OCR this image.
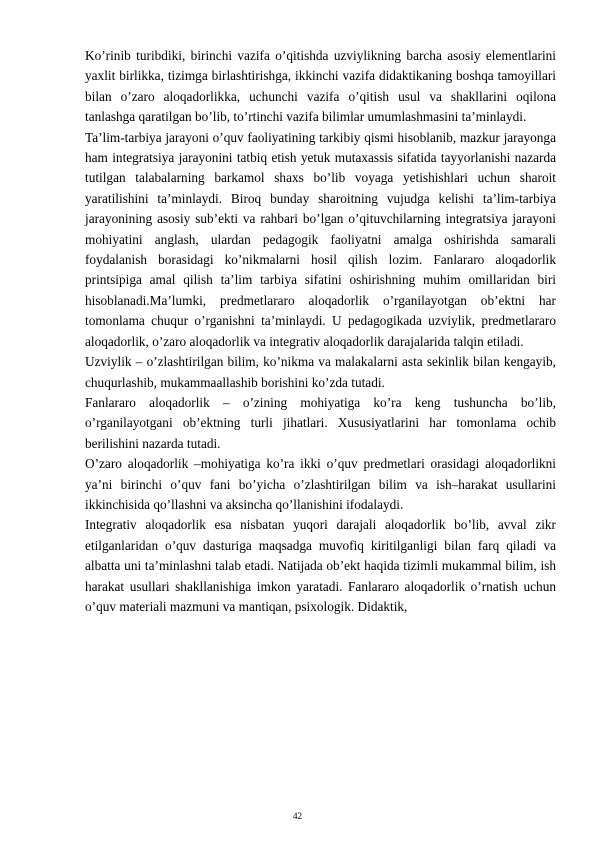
Ko’rinib turibdiki, birinchi vazifa o’qitishda uzviylikning barcha asosiy elementlarini yaxlit birlikka, tizimga birlashtirishga, ikkinchi vazifa didaktikaning boshqa tamoyillari bilan o’zaro aloqadorlikka, uchunchi vazifa o’qitish usul va shakllarini oqilona tanlashga qaratilgan bo’lib, to’rtinchi vazifa bilimlar umumlashmasini ta’minlaydi.

Ta’lim-tarbiya jarayoni o’quv faoliyatining tarkibiy qismi hisoblanib, mazkur jarayonga ham integratsiya jarayonini tatbiq etish yetuk mutaxassis sifatida tayyorlanishi nazarda tutilgan talabalarning barkamol shaxs bo’lib voyaga yetishishlari uchun sharoit yaratilishini ta’minlaydi. Biroq bunday sharoitning vujudga kelishi ta’lim-tarbiya jarayonining asosiy sub’ekti va rahbari bo’lgan o’qituvchilarning integratsiya jarayoni mohiyatini anglash, ulardan pedagogik faoliyatni amalga oshirishda samarali foydalanish borasidagi ko’nikmalarni hosil qilish lozim. Fanlararo aloqadorlik printsipiga amal qilish ta’lim tarbiya sifatini oshirishning muhim omillaridan biri hisoblanadi.Ma’lumki, predmetlararo aloqadorlik o’rganilayotgan ob’ektni har tomonlama chuqur o’rganishni ta’minlaydi. U pedagogikada uzviylik, predmetlararo aloqadorlik, o’zaro aloqadorlik va integrativ aloqadorlik darajalarida talqin etiladi.

Uzviylik – o’zlashtirilgan bilim, ko’nikma va malakalarni asta sekinlik bilan kengayib, chuqurlashib, mukammaallashib borishini ko’zda tutadi.

Fanlararo aloqadorlik – o’zining mohiyatiga ko’ra keng tushuncha bo’lib, o’rganilayotgani ob’ektning turli jihatlari. Xususiyatlarini har tomonlama ochib berilishini nazarda tutadi.

O’zaro aloqadorlik –mohiyatiga ko’ra ikki o’quv predmetlari orasidagi aloqadorlikni ya’ni birinchi o’quv fani bo’yicha o’zlashtirilgan bilim va ish–harakat usullarini ikkinchisida qo’llashni va aksincha qo’llanishini ifodalaydi.

Integrativ aloqadorlik esa nisbatan yuqori darajali aloqadorlik bo’lib, avval zikr etilganlaridan o’quv dasturiga maqsadga muvofiq kiritilganligi bilan farq qiladi va albatta uni ta’minlashni talab etadi. Natijada ob’ekt haqida tizimli mukammal bilim, ish harakat usullari shakllanishiga imkon yaratadi. Fanlararo aloqadorlik o’rnatish uchun o’quv materiali mazmuni va mantiqan, psixologik. Didaktik,

42
